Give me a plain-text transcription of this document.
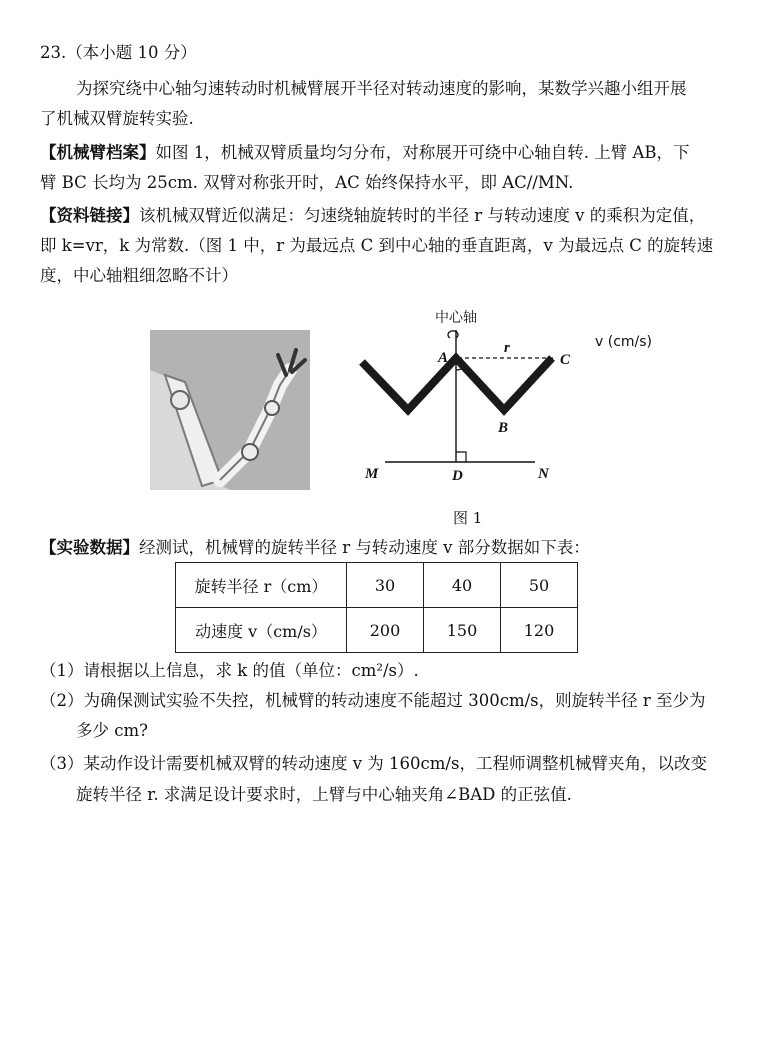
23.（本小题 10 分）
为探究绕中心轴匀速转动时机械臂展开半径对转动速度的影响，某数学兴趣小组开展
了机械双臂旋转实验.
【机械臂档案】如图 1，机械双臂质量均匀分布，对称展开可绕中心轴自转. 上臂 AB，下
臂 BC 长均为 25cm. 双臂对称张开时，AC 始终保持水平，即 AC//MN.
【资料链接】该机械双臂近似满足：匀速绕轴旋转时的半径 r 与转动速度 v 的乘积为定值，
即 k=vr，k 为常数.（图 1 中，r 为最远点 C 到中心轴的垂直距离，v 为最远点 C 的旋转速
度，中心轴粗细忽略不计）
中心轴
v (cm/s)
A
r
C
B
D
M	N
图 1
【实验数据】经测试，机械臂的旋转半径 r 与转动速度 v 部分数据如下表：
旋转半径 r（cm）	30	40	50
动速度 v（cm/s）	200	150	120
（1）请根据以上信息，求 k 的值（单位：cm²/s）.
（2）为确保测试实验不失控，机械臂的转动速度不能超过 300cm/s，则旋转半径 r 至少为
多少 cm?
（3）某动作设计需要机械双臂的转动速度 v 为 160cm/s，工程师调整机械臂夹角，以改变
旋转半径 r. 求满足设计要求时，上臂与中心轴夹角∠BAD 的正弦值.
